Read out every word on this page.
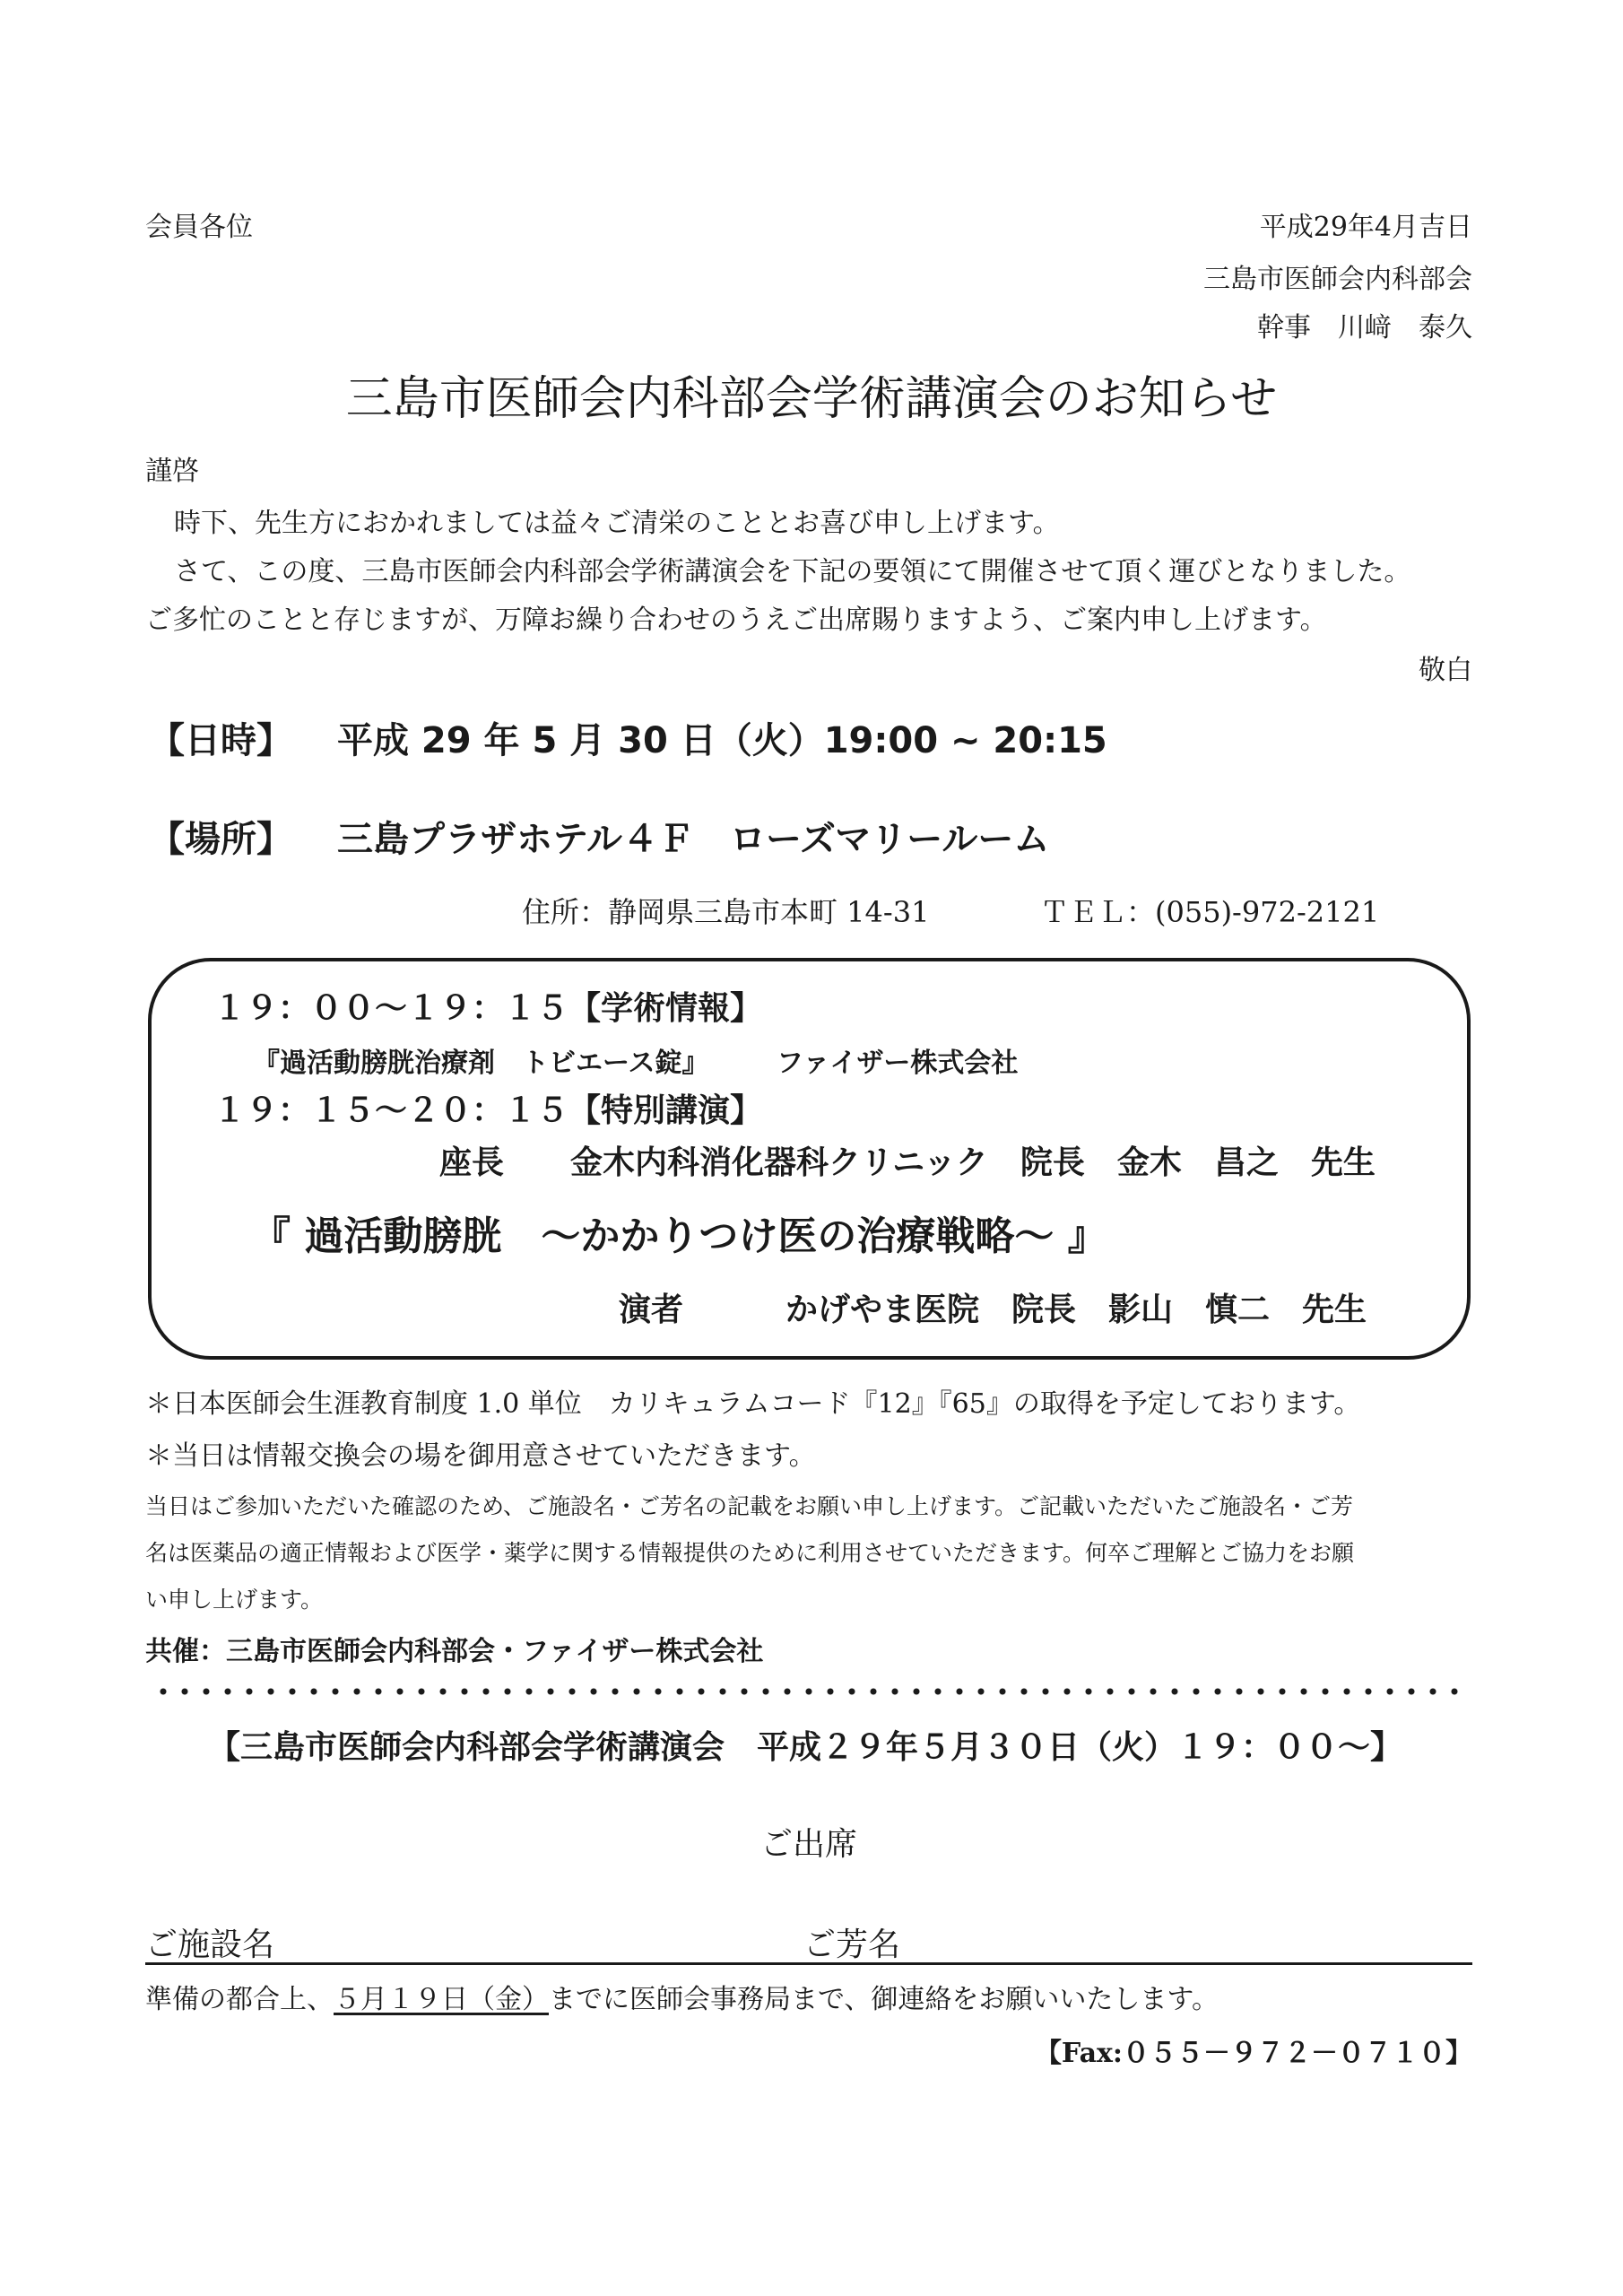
会員各位	平成29年4月吉日
三島市医師会内科部会
幹事　川﨑　泰久
三島市医師会内科部会学術講演会のお知らせ
謹啓
時下、先生方におかれましては益々ご清栄のこととお喜び申し上げます。
さて、この度、三島市医師会内科部会学術講演会を下記の要領にて開催させて頂く運びとなりました。
ご多忙のことと存じますが、万障お繰り合わせのうえご出席賜りますよう、ご案内申し上げます。
敬白
【日時】 平成 29 年 5 月 30 日（火）19:00 ~ 20:15
【場所】 三島プラザホテル４Ｆ　ローズマリールーム
住所：静岡県三島市本町 14-31	ＴＥＬ：(055)-972-2121
１９：００～１９：１５【学術情報】
『過活動膀胱治療剤　トビエース錠』	ファイザー株式会社
１９：１５～２０：１５【特別講演】
座長 金木内科消化器科クリニック　院長　金木　昌之　先生
『 過活動膀胱　～かかりつけ医の治療戦略～ 』
演者	かげやま医院　院長　影山　慎二　先生
＊日本医師会生涯教育制度 1.0 単位　カリキュラムコード『12』『65』の取得を予定しております。
＊当日は情報交換会の場を御用意させていただきます。
当日はご参加いただいた確認のため、ご施設名・ご芳名の記載をお願い申し上げます。ご記載いただいたご施設名・ご芳
名は医薬品の適正情報および医学・薬学に関する情報提供のために利用させていただきます。何卒ご理解とご協力をお願
い申し上げます。
共催：三島市医師会内科部会・ファイザー株式会社
【三島市医師会内科部会学術講演会　平成２９年５月３０日（火）１９：００～】
ご出席
ご施設名	ご芳名
準備の都合上、５月１９日（金）までに医師会事務局まで、御連絡をお願いいたします。
【Fax:０５５－９７２－０７１０】
